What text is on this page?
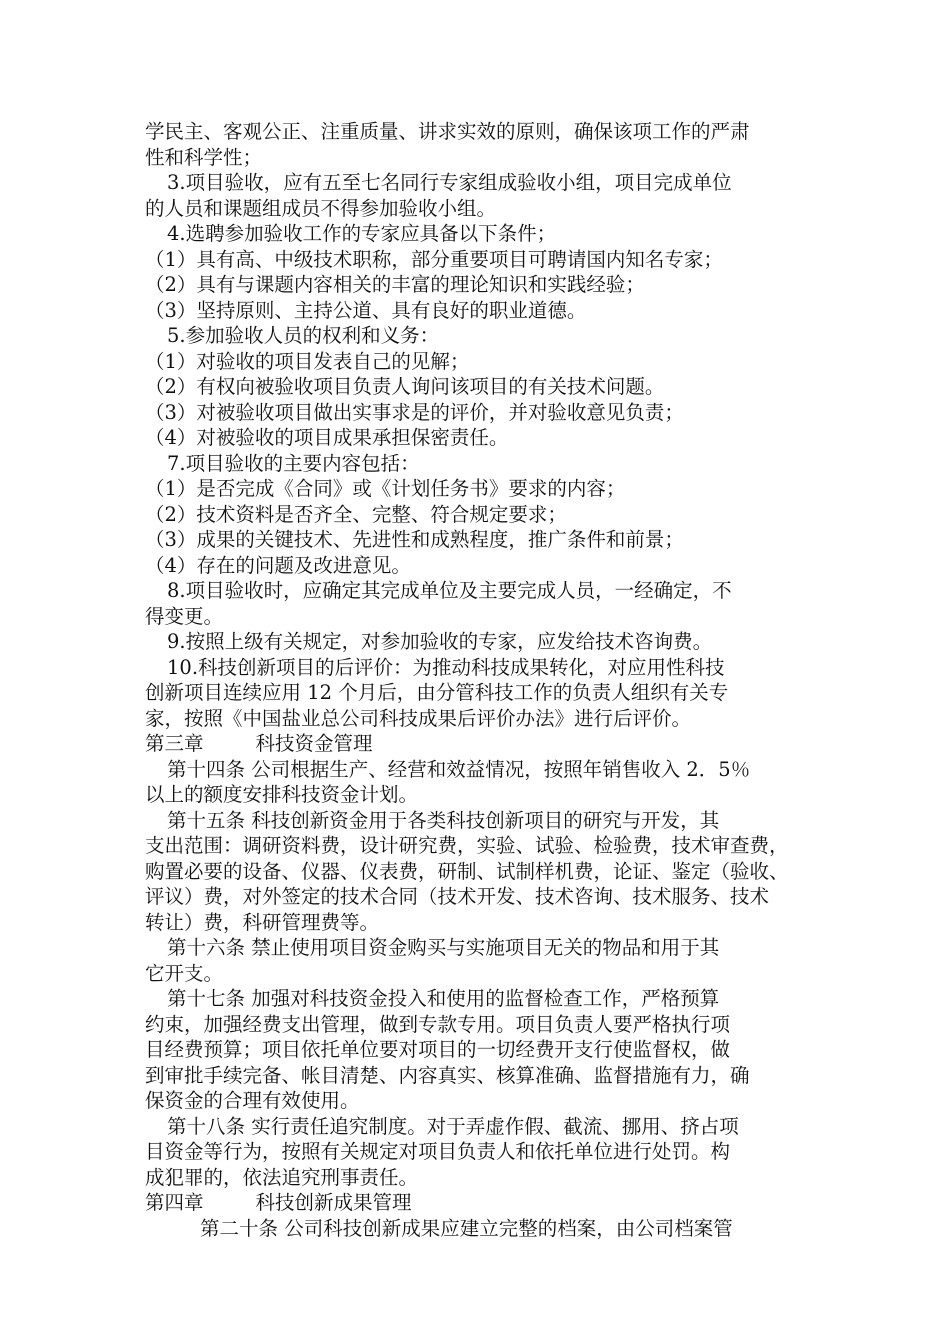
学民主、客观公正、注重质量、讲求实效的原则，确保该项工作的严肃
性和科学性；
3.项目验收，应有五至七名同行专家组成验收小组，项目完成单位
的人员和课题组成员不得参加验收小组。
4.选聘参加验收工作的专家应具备以下条件；
（1）具有高、中级技术职称，部分重要项目可聘请国内知名专家；
（2）具有与课题内容相关的丰富的理论知识和实践经验；
（3）坚持原则、主持公道、具有良好的职业道德。
5.参加验收人员的权利和义务：
（1）对验收的项目发表自己的见解；
（2）有权向被验收项目负责人询问该项目的有关技术问题。
（3）对被验收项目做出实事求是的评价，并对验收意见负责；
（4）对被验收的项目成果承担保密责任。
7.项目验收的主要内容包括：
（1）是否完成《合同》或《计划任务书》要求的内容；
（2）技术资料是否齐全、完整、符合规定要求；
（3）成果的关键技术、先进性和成熟程度，推广条件和前景；
（4）存在的问题及改进意见。
8.项目验收时，应确定其完成单位及主要完成人员，一经确定，不
得变更。
9.按照上级有关规定，对参加验收的专家，应发给技术咨询费。
10.科技创新项目的后评价：为推动科技成果转化，对应用性科技
创新项目连续应用 12 个月后，由分管科技工作的负责人组织有关专
家，按照《中国盐业总公司科技成果后评价办法》进行后评价。
第三章	科技资金管理
第十四条 公司根据生产、经营和效益情况，按照年销售收入 2．5％
以上的额度安排科技资金计划。
第十五条 科技创新资金用于各类科技创新项目的研究与开发，其
支出范围：调研资料费，设计研究费，实验、试验、检验费，技术审查费，
购置必要的设备、仪器、仪表费，研制、试制样机费，论证、鉴定（验收、
评议）费，对外签定的技术合同（技术开发、技术咨询、技术服务、技术
转让）费，科研管理费等。
第十六条 禁止使用项目资金购买与实施项目无关的物品和用于其
它开支。
第十七条 加强对科技资金投入和使用的监督检查工作，严格预算
约束，加强经费支出管理，做到专款专用。项目负责人要严格执行项
目经费预算；项目依托单位要对项目的一切经费开支行使监督权，做
到审批手续完备、帐目清楚、内容真实、核算准确、监督措施有力，确
保资金的合理有效使用。
第十八条 实行责任追究制度。对于弄虚作假、截流、挪用、挤占项
目资金等行为，按照有关规定对项目负责人和依托单位进行处罚。构
成犯罪的，依法追究刑事责任。
第四章	科技创新成果管理
第二十条 公司科技创新成果应建立完整的档案，由公司档案管
